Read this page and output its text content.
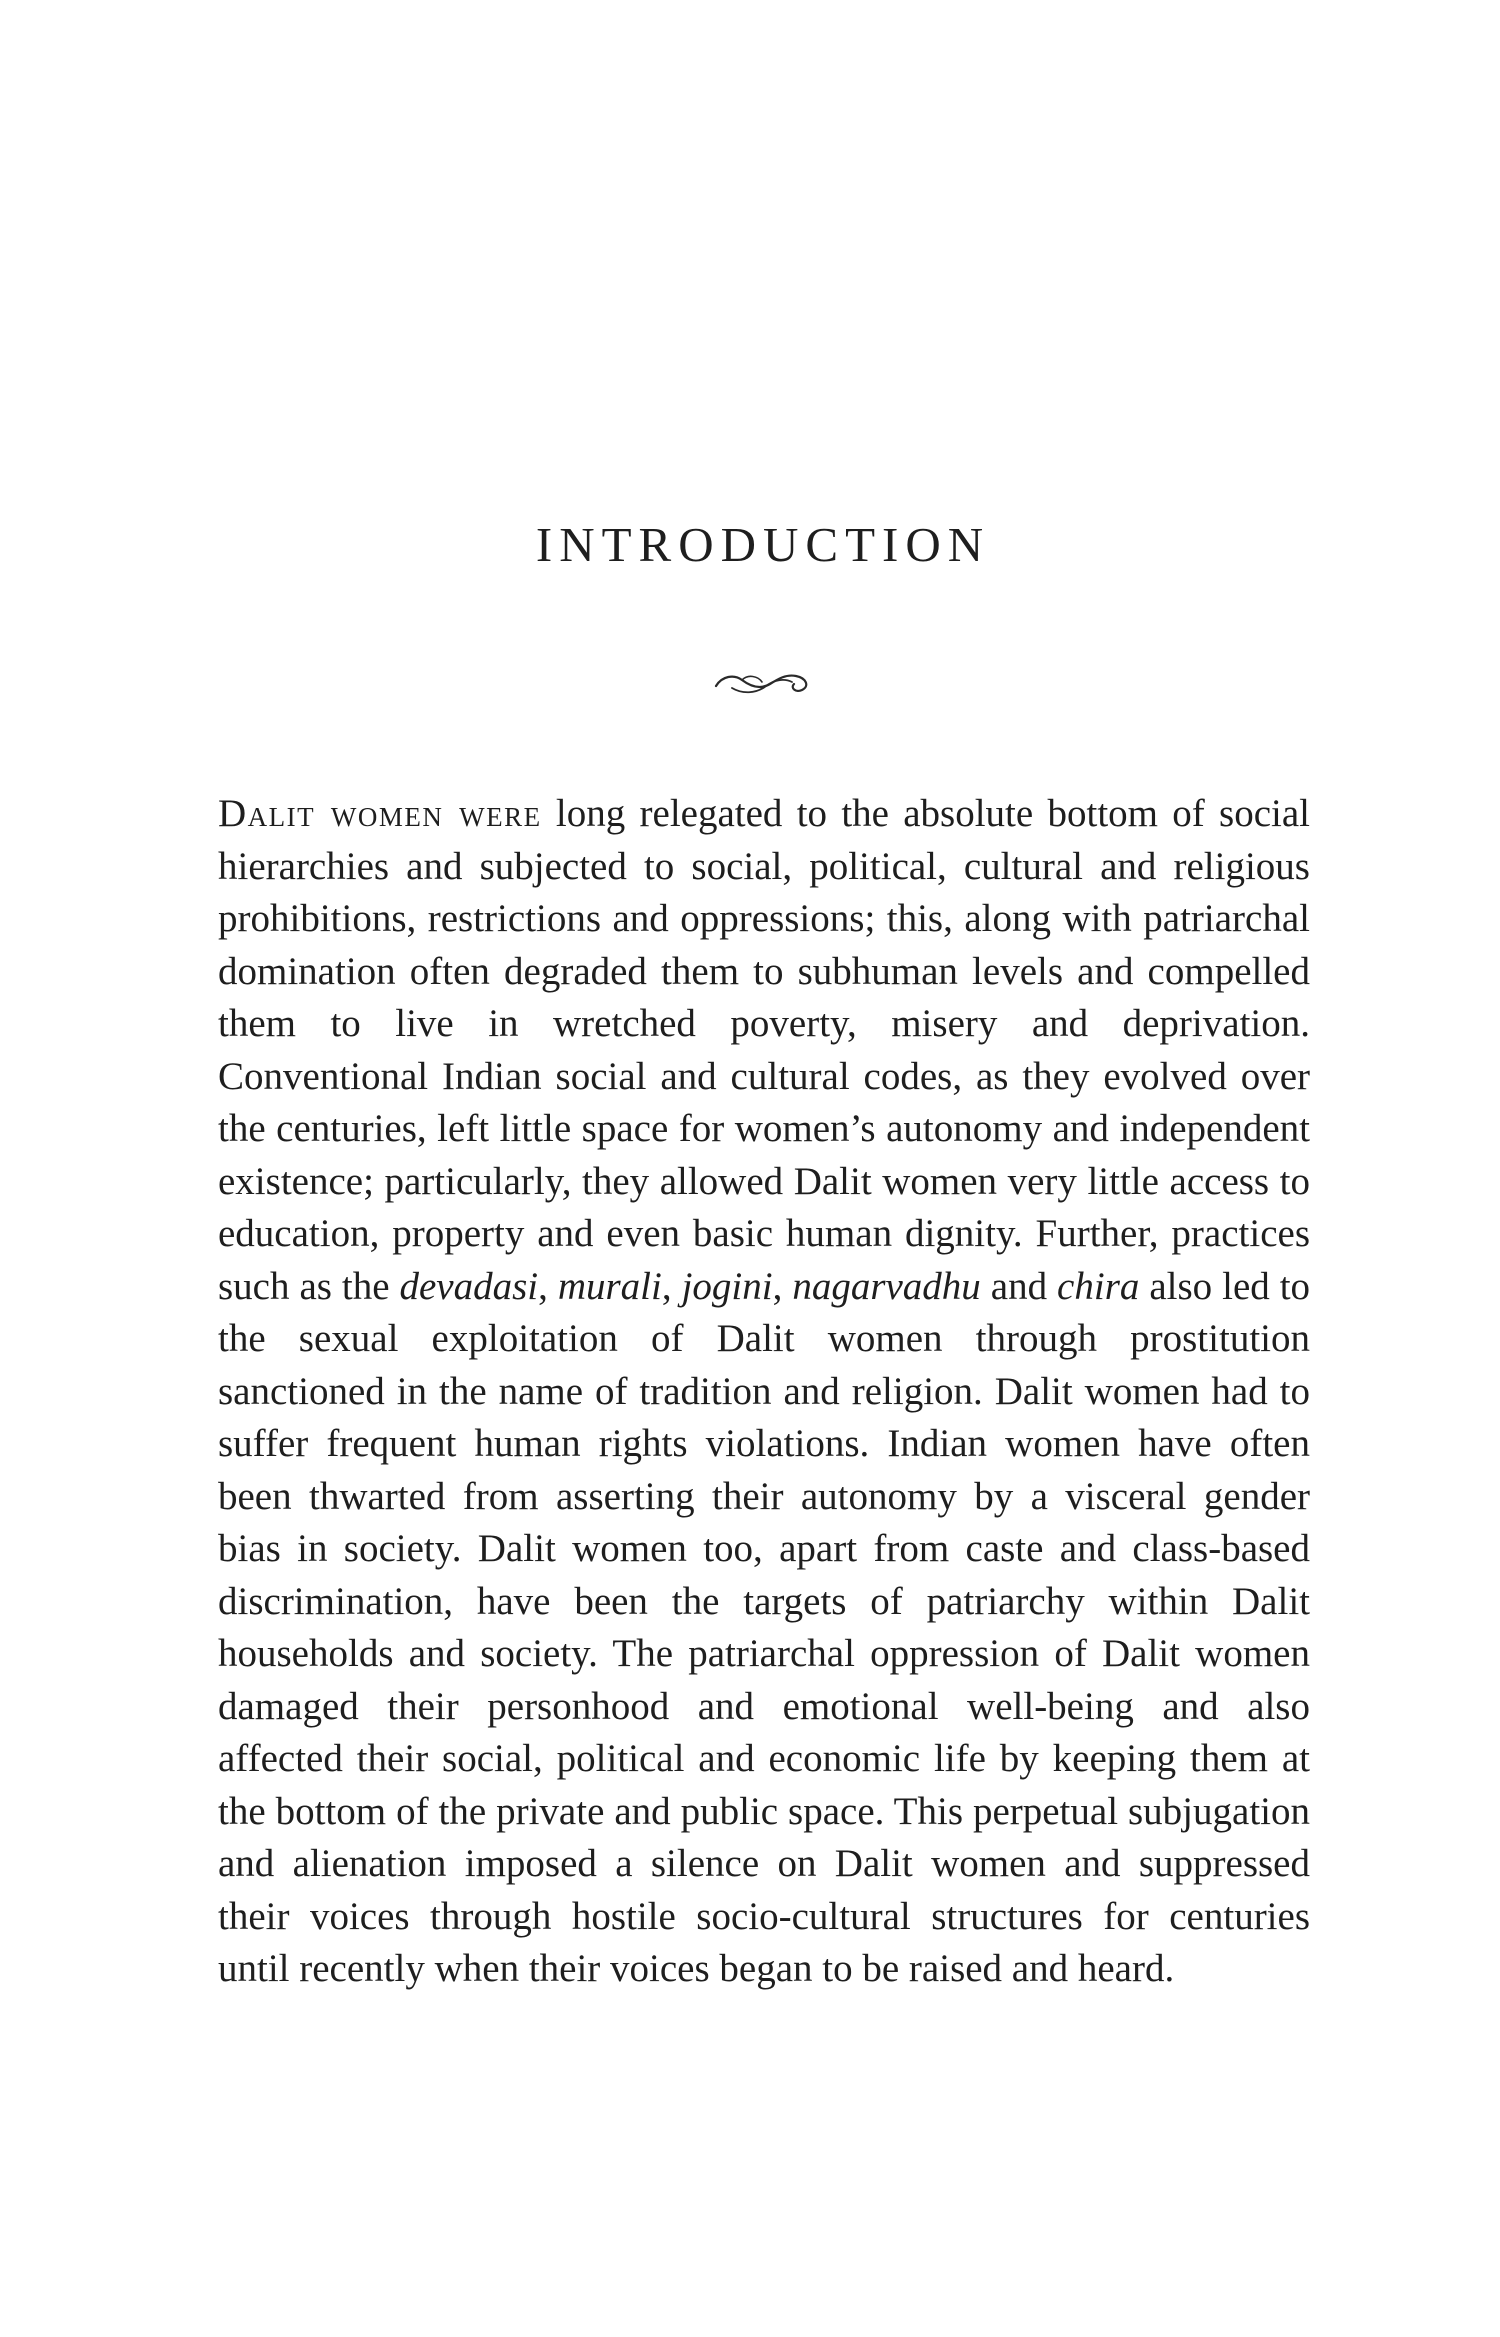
INTRODUCTION

Dalit women were long relegated to the absolute bottom of social hierarchies and subjected to social, political, cultural and religious prohibitions, restrictions and oppressions; this, along with patriarchal domination often degraded them to subhuman levels and compelled them to live in wretched poverty, misery and deprivation. Conventional Indian social and cultural codes, as they evolved over the centuries, left little space for women’s autonomy and independent existence; particularly, they allowed Dalit women very little access to education, property and even basic human dignity. Further, practices such as the devadasi, murali, jogini, nagarvadhu and chira also led to the sexual exploitation of Dalit women through prostitution sanctioned in the name of tradition and religion. Dalit women had to suffer frequent human rights violations. Indian women have often been thwarted from asserting their autonomy by a visceral gender bias in society. Dalit women too, apart from caste and class-based discrimination, have been the targets of patriarchy within Dalit households and society. The patriarchal oppression of Dalit women damaged their personhood and emotional well-being and also affected their social, political and economic life by keeping them at the bottom of the private and public space. This perpetual subjugation and alienation imposed a silence on Dalit women and suppressed their voices through hostile socio-cultural structures for centuries until recently when their voices began to be raised and heard.
